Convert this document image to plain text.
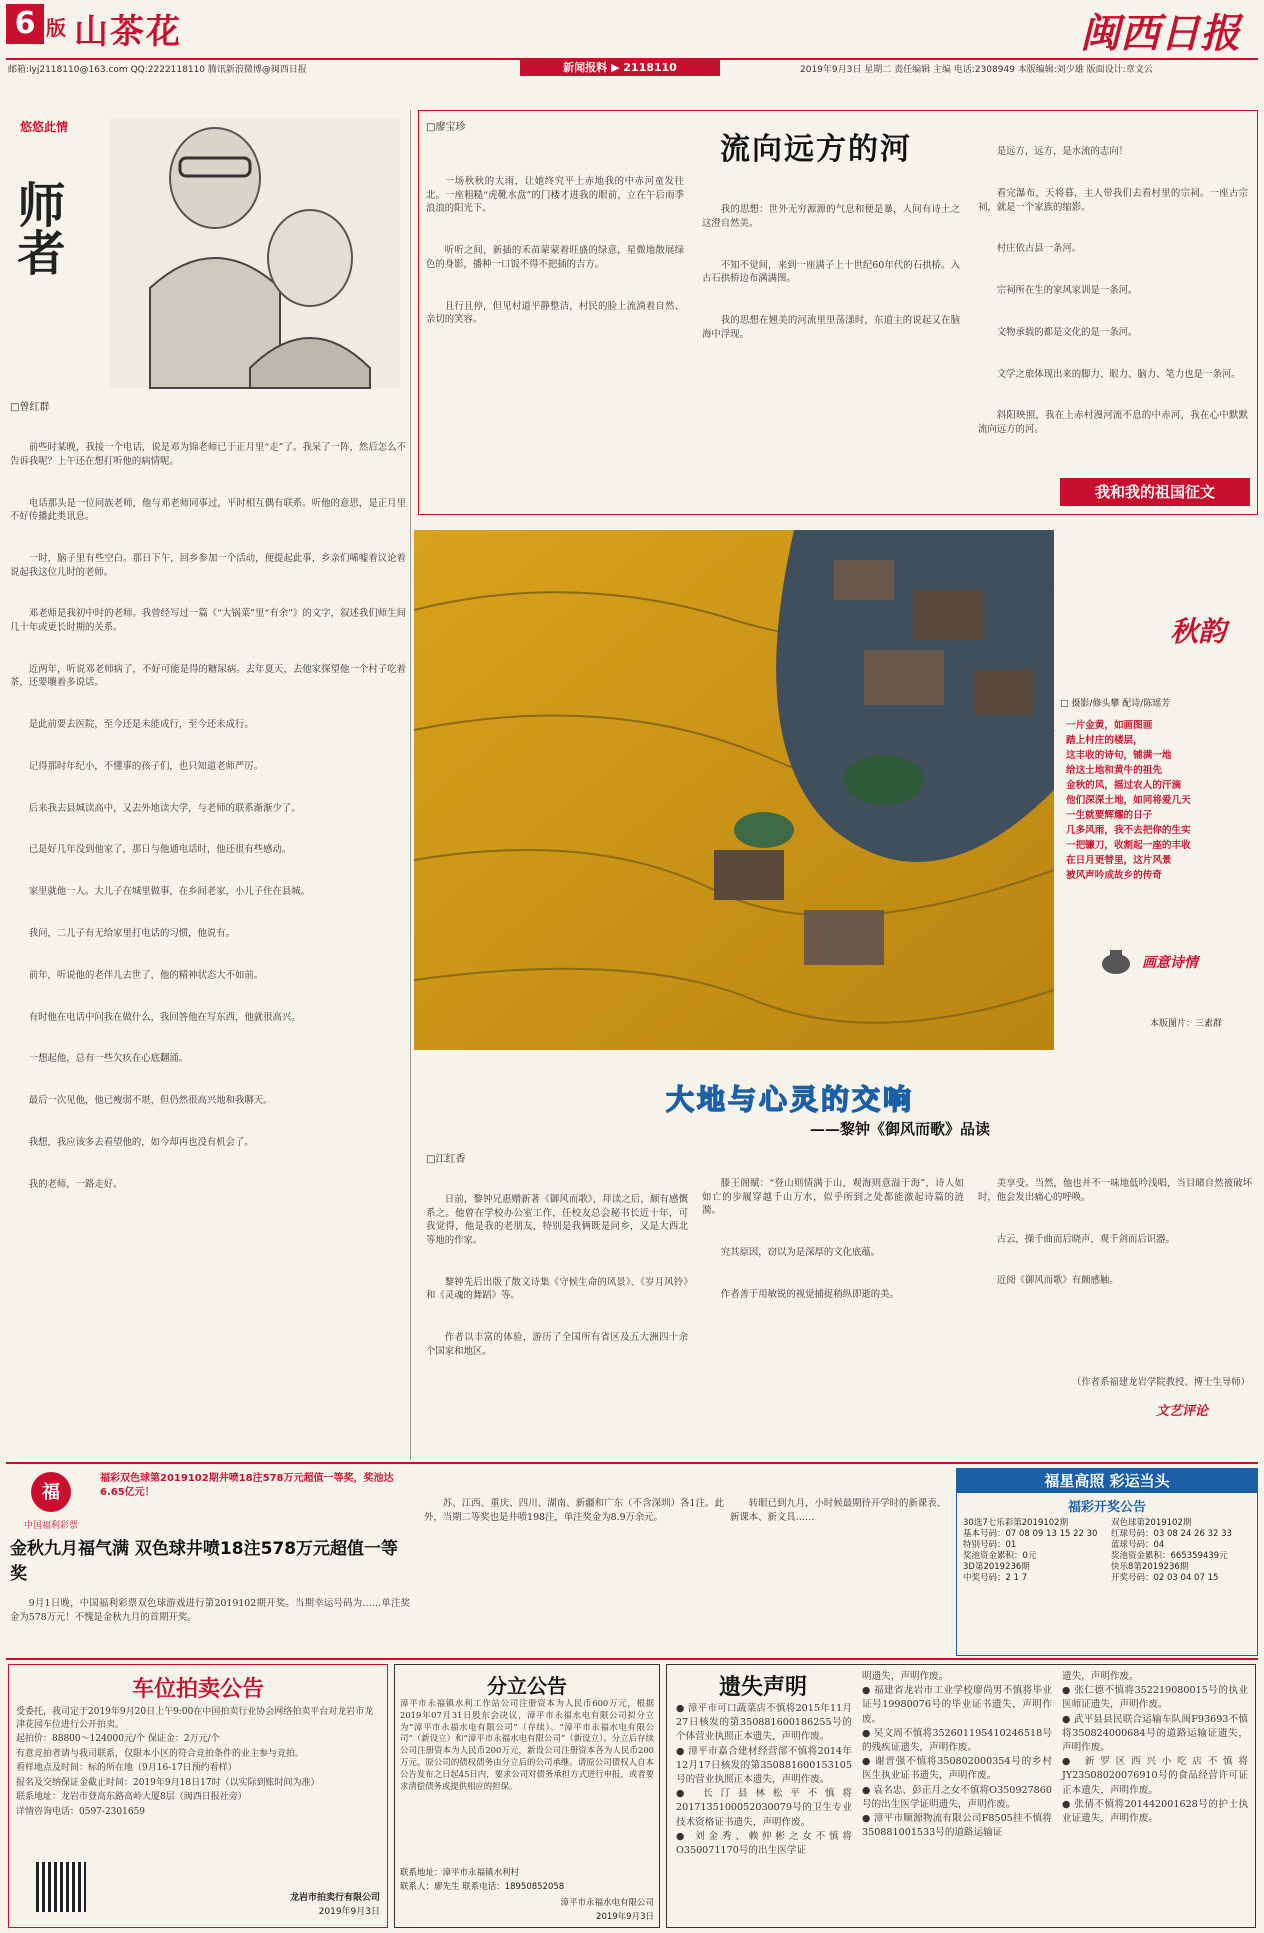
6 版 山茶花	闽西日报
邮箱:lyj2118110@163.com QQ:2222118110 腾讯新浪微博@闽西日报	新闻报料 ▶ 2118110	2019年9月3日 星期二 责任编辑 主编 电话:2308949 本版编辑:刘少雄 版面设计:章文云
悠悠此情
师者
□曾红群

前些时某晚，我接一个电话，说是邓为锦老师已于正月里“走”了。我呆了一阵，然后怎么不告诉我呢？上午还在想打听他的病情呢。

电话那头是一位同族老师，他与邓老师同事过，平时相互偶有联系。听他的意思，是正月里不好传播此类讯息。

一时，脑子里有些空白。那日下午，回乡参加一个活动，便提起此事，乡亲们唏嘘着议论着说起我这位儿时的老师。

邓老师是我初中时的老师。我曾经写过一篇《“大锅菜”里“有余”》的文字，叙述我们师生间几十年或更长时期的关系。

近两年，听说邓老师病了，不好可能是得的糖尿病。去年夏天，去他家探望他一个村子吃着茶，还要嚷着多说话。

是此前要去医院，至今还是未能成行，至今还未成行。

记得那时年纪小，不懂事的孩子们，也只知道老师严厉。

后来我去县城读高中，又去外地读大学，与老师的联系渐渐少了。

已是好几年没到他家了，那日与他通电话时，他还很有些感动。

家里就他一人。大儿子在城里做事，在乡间老家，小儿子住在县城。

我问，二儿子有无给家里打电话的习惯，他说有。

前年，听说他的老伴儿去世了，他的精神状态大不如前。

有时他在电话中问我在做什么，我回答他在写东西，他就很高兴。

一想起他，总有一些欠疚在心底翻涌。

最后一次见他，他已瘦弱不堪，但仍然很高兴地和我聊天。

我想，我应该多去看望他的，如今却再也没有机会了。

我的老师，一路走好。

□廖宝珍
流向远方的河

一场秋秋的大雨，让她终究平上赤地我的中赤河童发往北。一座粗糙“虎靴水盘”的门楼才进我的眼前，立在午后雨季浪浪的阳光下。

听听之间，新插的禾苗蒙蒙着旺盛的绿意，星微地散展绿色的身影，播种一口饭不得不把插的吉方。

且行且停，但见村道平静整洁，村民的脸上流淌着自然、亲切的笑容。

我的思想：世外无穷源源的气息和便是暴，人间有诗土之这澄自然美。

不知不觉间，来到一座满子上十世纪60年代的石拱桥。入古石拱桥边布满满图。

我的思想在翘美的河流里里荡漾时，东道主的说起又在脑海中浮现。

是远方，远方，是水流的志向！

看完瀑布，天将暮，主人带我们去看村里的宗祠。一座古宗祠，就是一个家族的缩影。

村庄依古县一条河。

宗祠所在生的家风家训是一条河。

文物承载的都是文化的是一条河。

文学之旅体现出来的脚力、眼力、脑力、笔力也是一条河。

斜阳映照，我在上赤村漫河流不息的中赤河，我在心中默默流向远方的河。

我和我的祖国征文
秋韵
□ 摄影/修头攀 配诗/陈瑶芳
一片金黄，如画图画
踏上村庄的楼层，
这丰收的诗句，铺满一地
给这土地和黄牛的祖先
金秋的风，摇过农人的汗滴
他们深深土地，如同将爱几天
一生就要辉耀的日子
几多风雨，我不去把你的生实
一把镰刀，收割起一座的丰收
在日月更替里，这片风景
被风声吟成故乡的传奇
画意诗情
本版图片：三素群
大地与心灵的交响
——黎钟《御风而歌》品读
□江红香

日前，黎钟兄惠赠新著《御风而歌》，拜读之后，颇有感慨系之。他曾在学校办公室工作，任校友总会秘书长近十年，可我觉得，他是我的老朋友，特别是我俩既是同乡，又是大西北等地的作家。

黎钟先后出版了散文诗集《守候生命的风景》、《岁月风铃》和《灵魂的舞蹈》等。

作者以丰富的体验，游历了全国所有省区及五大洲四十余个国家和地区。

滕王阁赋：“登山则情满于山，观海则意溢于海”，诗人如如亡的步履穿越千山万水，似乎所到之处都能激起诗篇的涟漪。

究其原因，窃以为是深厚的文化底蕴。

作者善于用敏锐的视觉捕捉稍纵即逝的美。

美享受。当然，他也并不一味地低吟浅唱，当目睹自然被破坏时，他会发出痛心的呼唤。

古云，操千曲而后晓声，观千剑而后识器。

近阅《御风而歌》有颇感触。

（作者系福建龙岩学院教授、博士生导师）
文艺评论
福
中国福利彩票
福彩双色球第2019102期井喷18注578万元超值一等奖，奖池达6.65亿元！
金秋九月福气满 双色球井喷18注578万元超值一等奖

9月1日晚，中国福利彩票双色球游戏进行第2019102期开奖。当期幸运号码为……单注奖金为578万元！不愧是金秋九月的首期开奖。

苏、江西、重庆、四川、湖南、新疆和广东（不含深圳）各1注。此外，当期二等奖也是井喷198注，单注奖金为8.9万余元。

转眼已到九月，小时候最期待开学时的新课表、新课本、新文具……

福星高照 彩运当头
福彩开奖公告
30选7七乐彩第2019102期
基本号码：07 08 09 13 15 22 30
特别号码：01
奖池资金累积：0元
3D第2019236期
中奖号码：2 1 7
双色球第2019102期
红球号码：03 08 24 26 32 33
蓝球号码：04
奖池资金累积：665359439元
快乐8第2019236期
开奖号码：02 03 04 07 15
车位拍卖公告

受委托，我司定于2019年9月20日上午9:00在中国拍卖行业协会网络拍卖平台对龙岩市龙津花园车位进行公开拍卖。

起拍价：88800～124000元/个 保证金：2万元/个

有意竞拍者请与我司联系，仅限本小区的符合竞拍条件的业主参与竞拍。

看样地点及时间：标的所在地（9月16-17日预约看样）

报名及交纳保证金截止时间：2019年9月18日17时（以实际到账时间为准）

联系地址：龙岩市登高东路高岭大厦8层（闽西日报社旁）

详情咨询电话：0597-2301659

龙岩市拍卖行有限公司
2019年9月3日
分立公告
漳平市永福镇水利工作站公司注册资本为人民币600万元，根据2019年07月31日股东会决议，漳平市永福水电有限公司拟分立为“漳平市永福水电有限公司”（存续）、“漳平市永福水电有限公司”（新设立）和“漳平市永福水电有限公司”（新设立）。分立后存续公司注册资本为人民币200万元，新设公司注册资本各为人民币200万元。原公司的债权债务由分立后的公司承继。请原公司债权人自本公告发布之日起45日内，要求公司对债务承担方式进行申报，或者要求清偿债务或提供相应的担保。
联系地址：漳平市永福镇水利村
联系人：廖先生 联系电话：18950852058
漳平市永福水电有限公司
2019年9月3日
遗失声明
● 漳平市可口蔬菜店不慎将2015年11月27日核发的第350881600186255号的个体营业执照正本遗失，声明作废。
● 漳平市嘉合建材经营部不慎将2014年12月17日核发的第350881600153105号的营业执照正本遗失，声明作废。
● 长汀县林松平不慎将2017135100052030079号的卫生专业技术资格证书遗失，声明作废。
● 刘金秀、赖仲彬之女不慎将O350071170号的出生医学证
明遗失，声明作废。
● 福建省龙岩市工业学校廖尚男不慎将毕业证号19980076号的毕业证书遗失，声明作废。
● 吴文周不慎将352601195410246518号的残疾证遗失，声明作废。
● 谢晋强不慎将350802000354号的乡村医生执业证书遗失，声明作废。
● 袁名忠、彭正月之女不慎将O350927860号的出生医学证明遗失，声明作废。
● 漳平市顺源物流有限公司F8505挂不慎将350881001533号的道路运输证
遗失，声明作废。
● 张仁德不慎将352219080015号的执业医师证遗失，声明作废。
● 武平县县民联合运输车队闽F93693不慎将350824000684号的道路运输证遗失，声明作废。
● 新罗区西兴小吃店不慎将JY23508020076910号的食品经营许可证正本遗失，声明作废。
● 张倩不慎将201442001628号的护士执业证遗失，声明作废。
